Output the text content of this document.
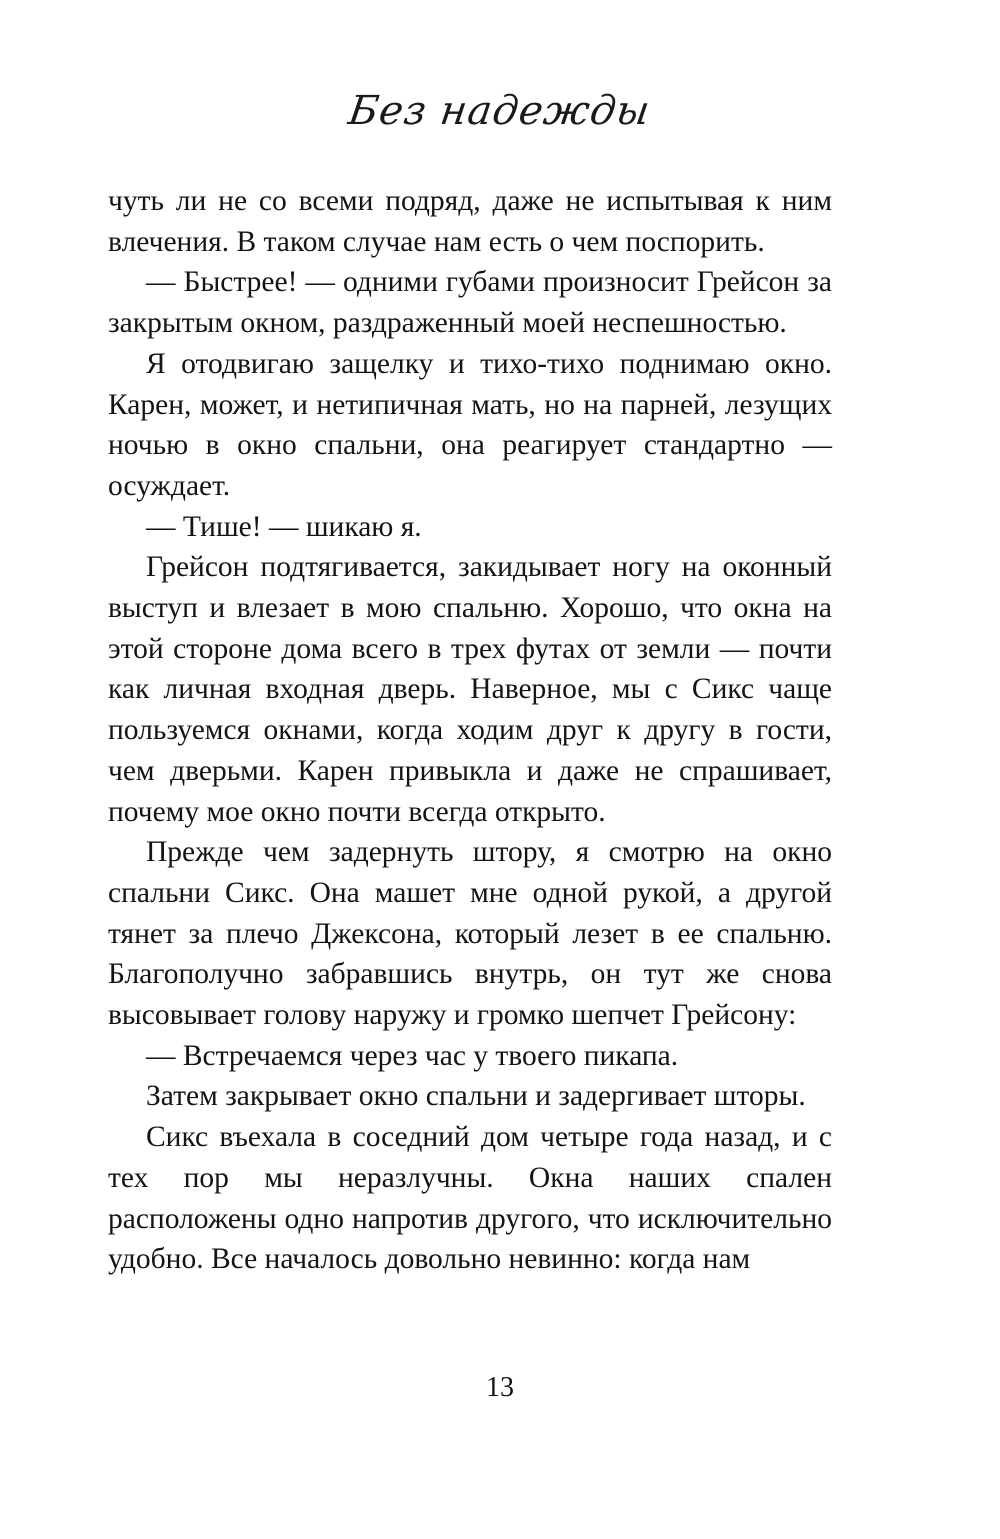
Без надежды

чуть ли не со всеми подряд, даже не испытывая к ним влечения. В таком случае нам есть о чем поспорить.

— Быстрее! — одними губами произносит Грейсон за закрытым окном, раздраженный моей неспешностью.

Я отодвигаю защелку и тихо-тихо поднимаю окно. Карен, может, и нетипичная мать, но на парней, лезущих ночью в окно спальни, она реагирует стандартно — осуждает.

— Тише! — шикаю я.

Грейсон подтягивается, закидывает ногу на оконный выступ и влезает в мою спальню. Хорошо, что окна на этой стороне дома всего в трех футах от земли — почти как личная входная дверь. Наверное, мы с Сикс чаще пользуемся окнами, когда ходим друг к другу в гости, чем дверьми. Карен привыкла и даже не спрашивает, почему мое окно почти всегда открыто.

Прежде чем задернуть штору, я смотрю на окно спальни Сикс. Она машет мне одной рукой, а другой тянет за плечо Джексона, который лезет в ее спальню. Благополучно забравшись внутрь, он тут же снова высовывает голову наружу и громко шепчет Грейсону:

— Встречаемся через час у твоего пикапа.

Затем закрывает окно спальни и задергивает шторы.

Сикс въехала в соседний дом четыре года назад, и с тех пор мы неразлучны. Окна наших спален расположены одно напротив другого, что исключительно удобно. Все началось довольно невинно: когда нам

13
